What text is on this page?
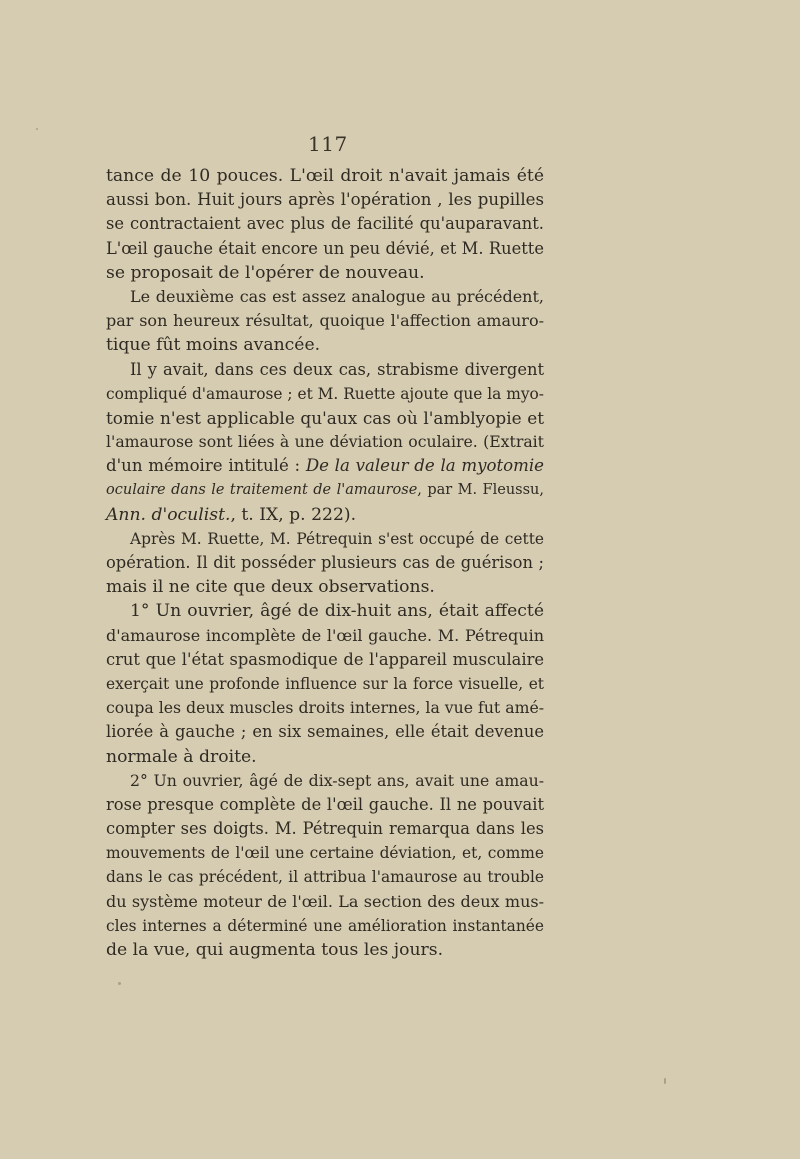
117
tance de 10 pouces. L'œil droit n'avait jamais été
aussi bon. Huit jours après l'opération , les pupilles
se contractaient avec plus de facilité qu'auparavant.
L'œil gauche était encore un peu dévié, et M. Ruette
se proposait de l'opérer de nouveau.
Le deuxième cas est assez analogue au précédent,
par son heureux résultat, quoique l'affection amauro-
tique fût moins avancée.
Il y avait, dans ces deux cas, strabisme divergent
compliqué d'amaurose ; et M. Ruette ajoute que la myo-
tomie n'est applicable qu'aux cas où l'amblyopie et
l'amaurose sont liées à une déviation oculaire. (Extrait
d'un mémoire intitulé : De la valeur de la myotomie
oculaire dans le traitement de l'amaurose, par M. Fleussu,
Ann. d'oculist., t. IX, p. 222).
Après M. Ruette, M. Pétrequin s'est occupé de cette
opération. Il dit posséder plusieurs cas de guérison ;
mais il ne cite que deux observations.
1° Un ouvrier, âgé de dix-huit ans, était affecté
d'amaurose incomplète de l'œil gauche. M. Pétrequin
crut que l'état spasmodique de l'appareil musculaire
exerçait une profonde influence sur la force visuelle, et
coupa les deux muscles droits internes, la vue fut amé-
liorée à gauche ; en six semaines, elle était devenue
normale à droite.
2° Un ouvrier, âgé de dix-sept ans, avait une amau-
rose presque complète de l'œil gauche. Il ne pouvait
compter ses doigts. M. Pétrequin remarqua dans les
mouvements de l'œil une certaine déviation, et, comme
dans le cas précédent, il attribua l'amaurose au trouble
du système moteur de l'œil. La section des deux mus-
cles internes a déterminé une amélioration instantanée
de la vue, qui augmenta tous les jours.
